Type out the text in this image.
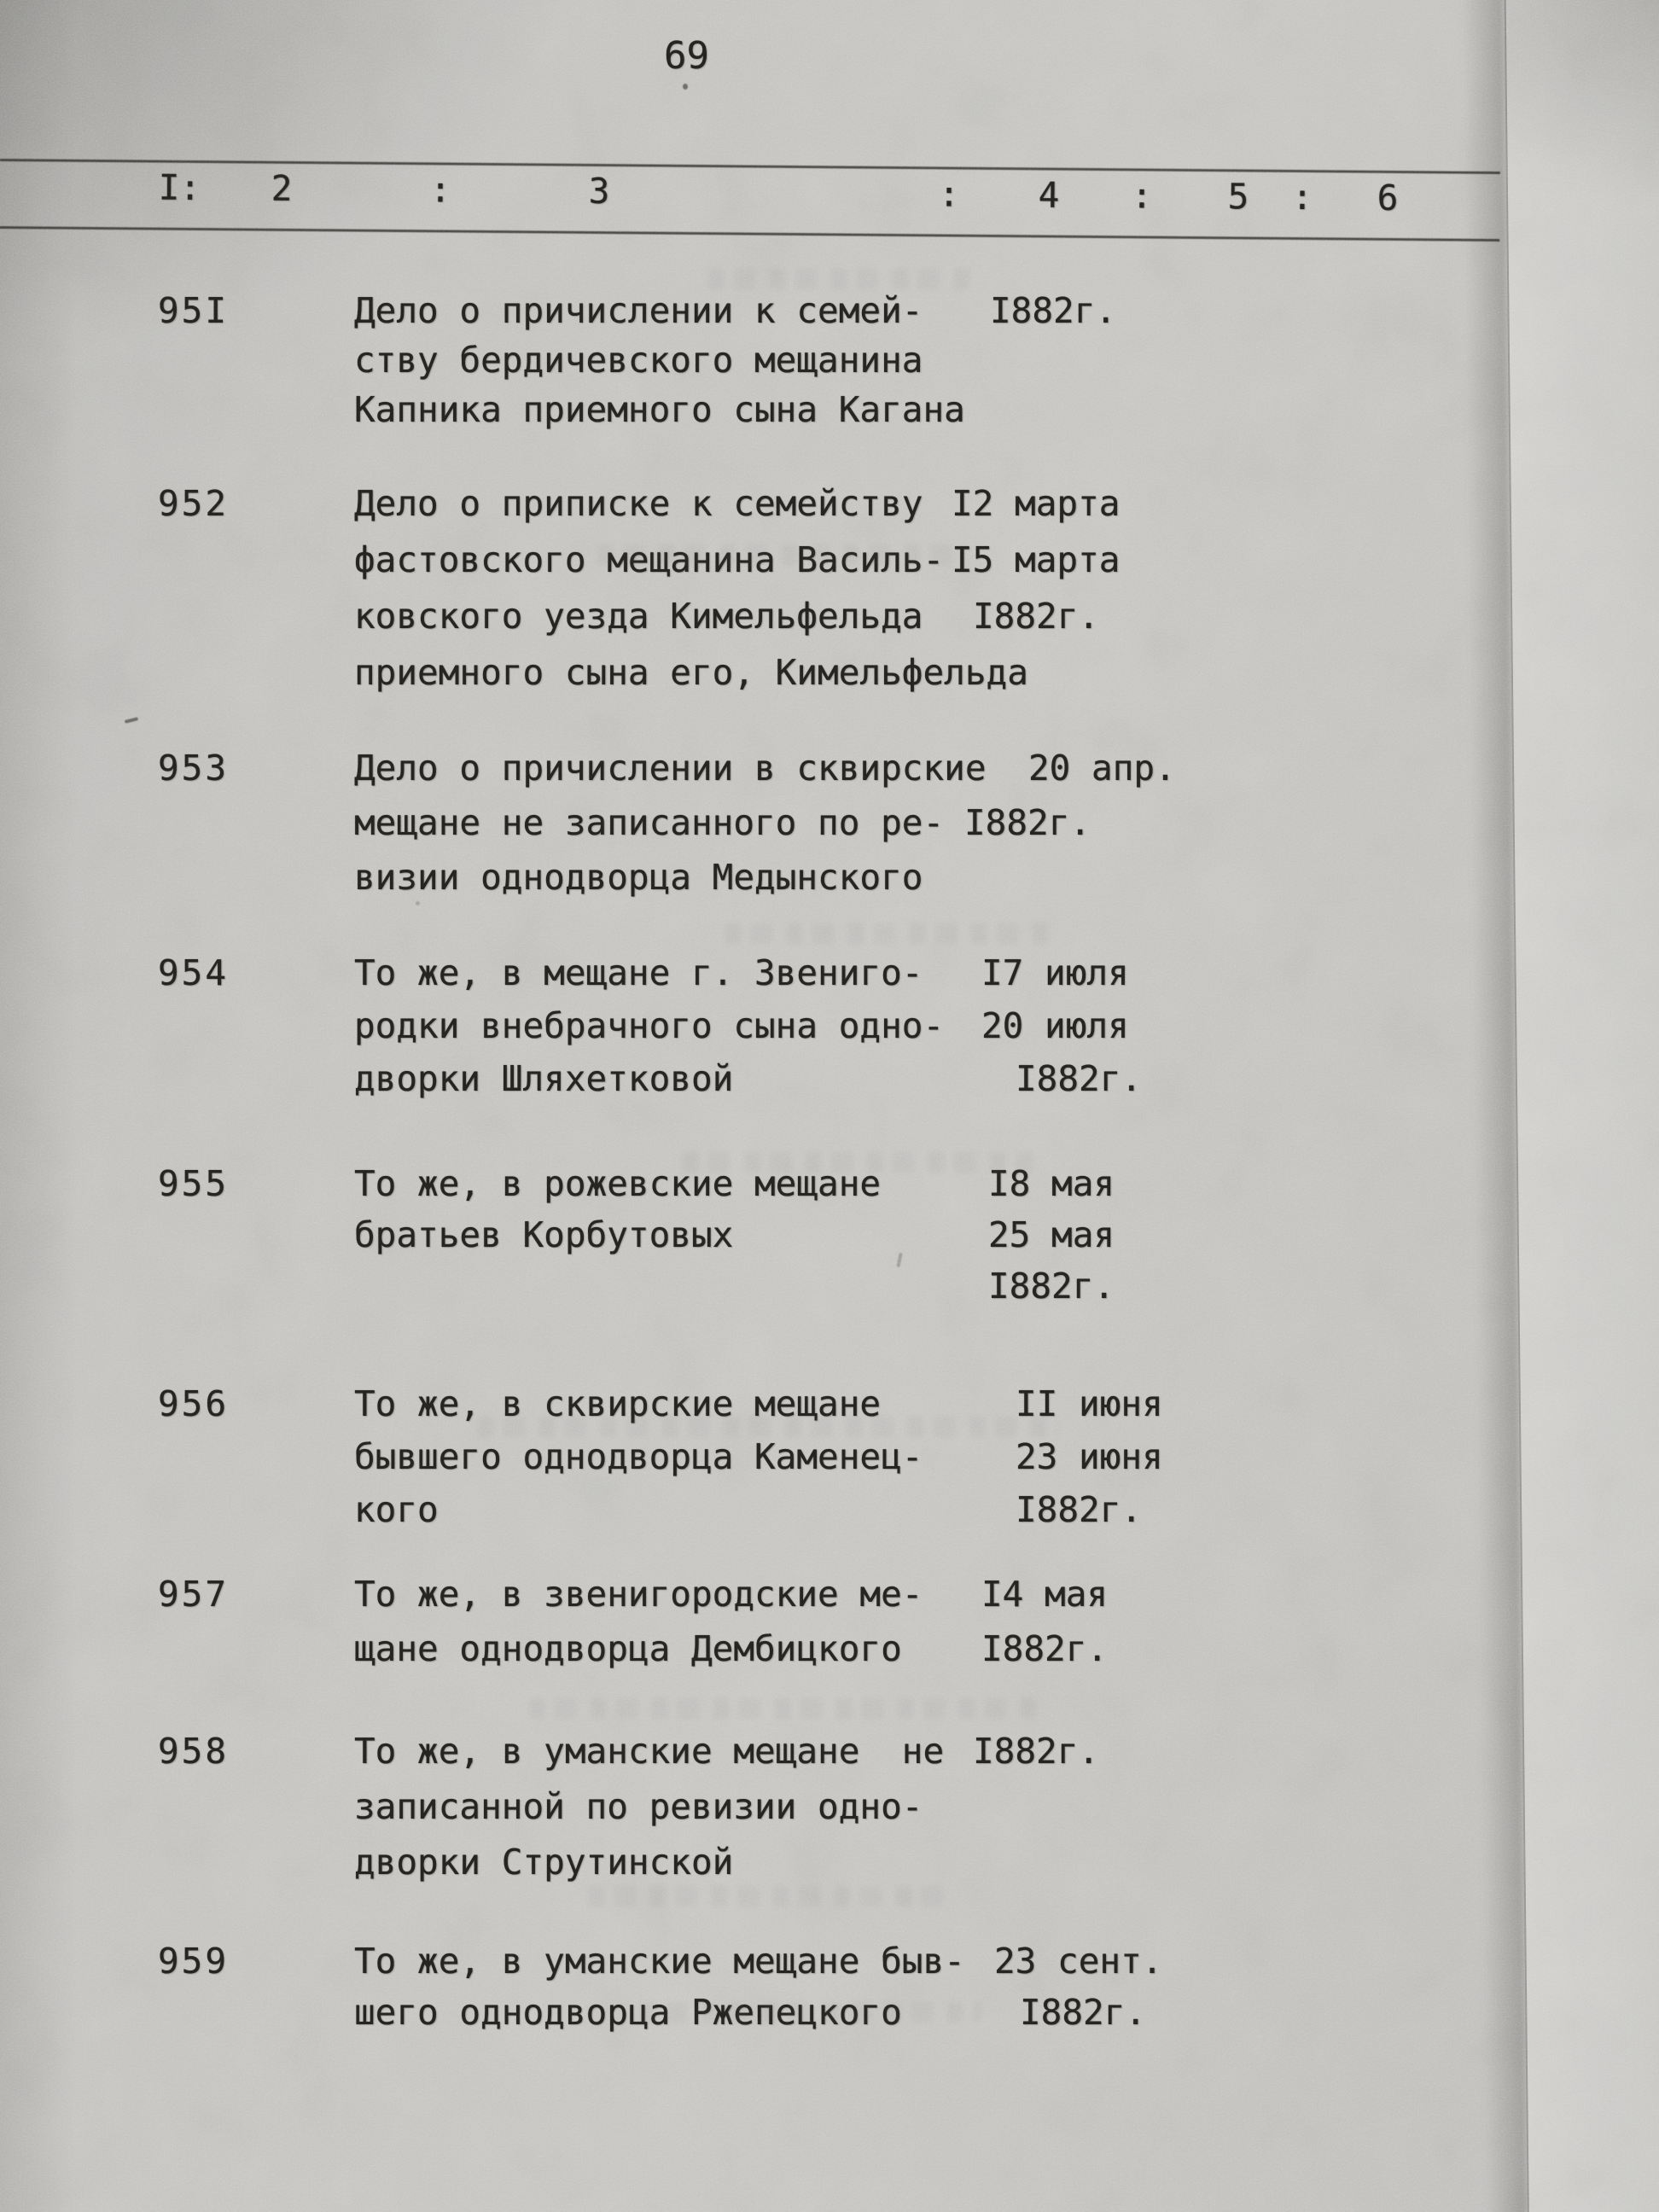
69
I: 2	:	3	: 4 : 5 : 6
95I	Дело о причислении к семей-
ству бердичевского мещанина
Капника приемного сына Кагана
I882г.
952	Дело о приписке к семейству
фастовского мещанина Василь-
ковского уезда Кимельфельда
приемного сына его, Кимельфельда
I2 марта
I5 марта
I882г.
953	Дело о причислении в сквирские
мещане не записанного по ре-
визии однодворца Медынского
20 апр.
I882г.
954	То же, в мещане г. Звениго-
родки внебрачного сына одно-
дворки Шляхетковой
I7 июля
20 июля
I882г.
955	То же, в рожевские мещане
братьев Корбутовых
I8 мая
25 мая
I882г.
956	То же, в сквирские мещане
бывшего однодворца Каменец-
кого
II июня
23 июня
I882г.
957	То же, в звенигородские ме-
щане однодворца Дембицкого
I4 мая
I882г.
958	То же, в уманские мещане  не
записанной по ревизии одно-
дворки Струтинской
I882г.
959	То же, в уманские мещане быв-
шего однодворца Ржепецкого
23 сент.
I882г.
